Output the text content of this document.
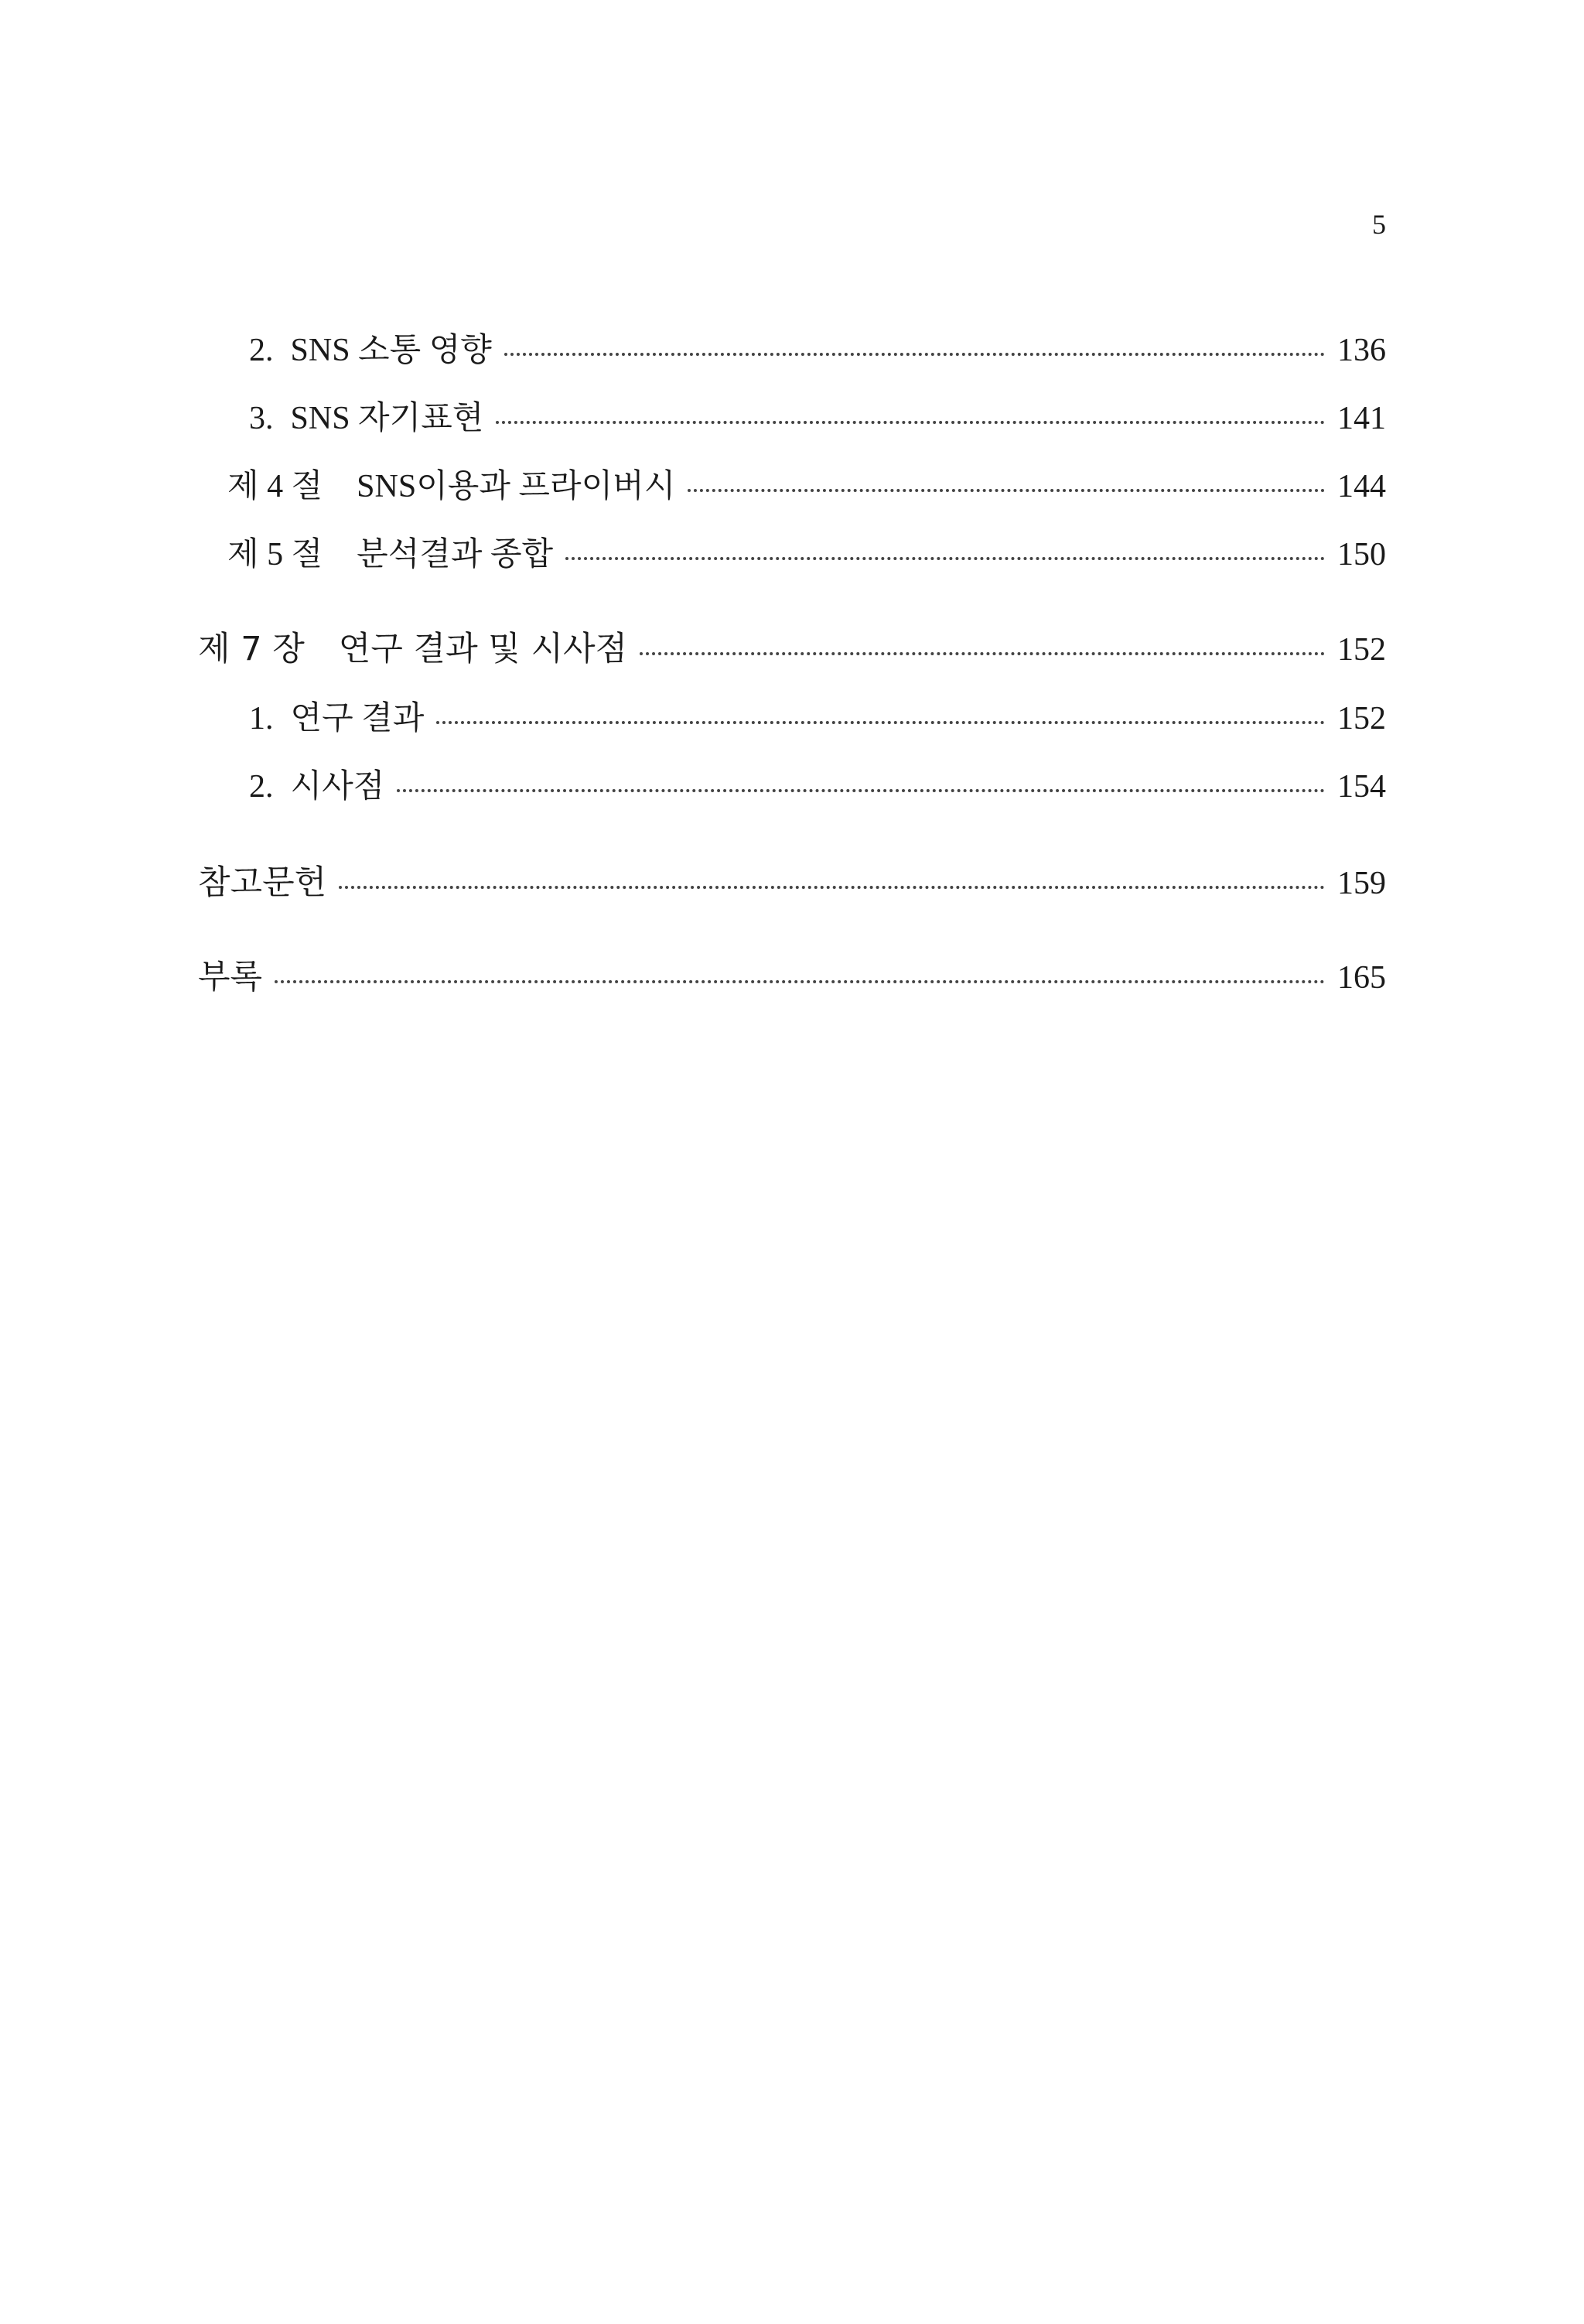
5
2. SNS 소통 영향	136
3. SNS 자기표현	141
제 4 절 SNS이용과 프라이버시	144
제 5 절 분석결과 종합	150
제 7 장 연구 결과 및 시사점	152
1. 연구 결과	152
2. 시사점	154
참고문헌	159
부록	165
